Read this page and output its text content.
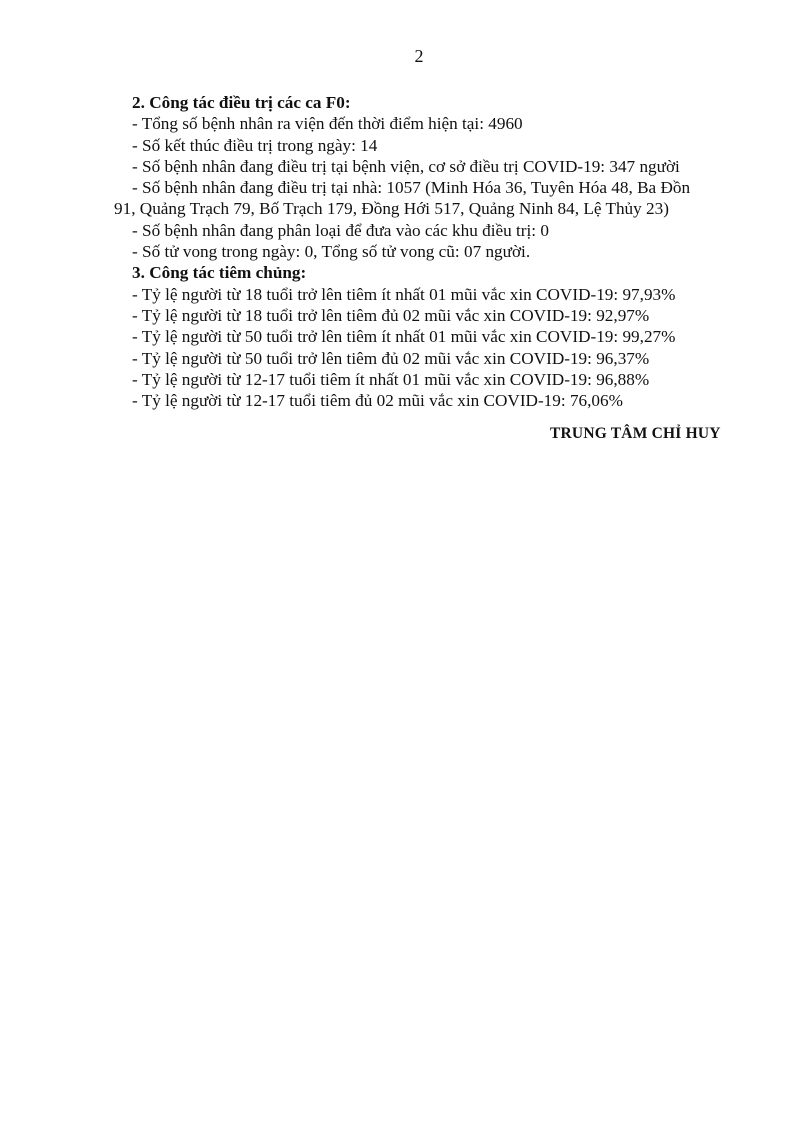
2
2. Công tác điều trị các ca F0:
- Tổng số bệnh nhân ra viện đến thời điểm hiện tại: 4960
- Số kết thúc điều trị trong ngày: 14
- Số bệnh nhân đang điều trị tại bệnh viện, cơ sở điều trị COVID-19: 347 người
- Số bệnh nhân đang điều trị tại nhà: 1057 (Minh Hóa 36, Tuyên Hóa 48, Ba Đồn
91, Quảng Trạch 79, Bố Trạch 179, Đồng Hới 517, Quảng Ninh 84, Lệ Thủy 23)
- Số bệnh nhân đang phân loại để đưa vào các khu điều trị: 0
- Số tử vong trong ngày: 0, Tổng số tử vong cũ: 07 người.
3. Công tác tiêm chủng:
- Tỷ lệ người từ 18 tuổi trở lên tiêm ít nhất 01 mũi vắc xin COVID-19: 97,93%
- Tỷ lệ người từ 18 tuổi trở lên tiêm đủ 02 mũi vắc xin COVID-19: 92,97%
- Tỷ lệ người từ 50 tuổi trở lên tiêm ít nhất 01 mũi vắc xin COVID-19: 99,27%
- Tỷ lệ người từ 50 tuổi trở lên tiêm đủ 02 mũi vắc xin COVID-19: 96,37%
- Tỷ lệ người từ 12-17 tuổi tiêm ít nhất 01 mũi vắc xin COVID-19: 96,88%
- Tỷ lệ người từ 12-17 tuổi tiêm đủ 02 mũi vắc xin COVID-19: 76,06%
TRUNG TÂM CHỈ HUY
